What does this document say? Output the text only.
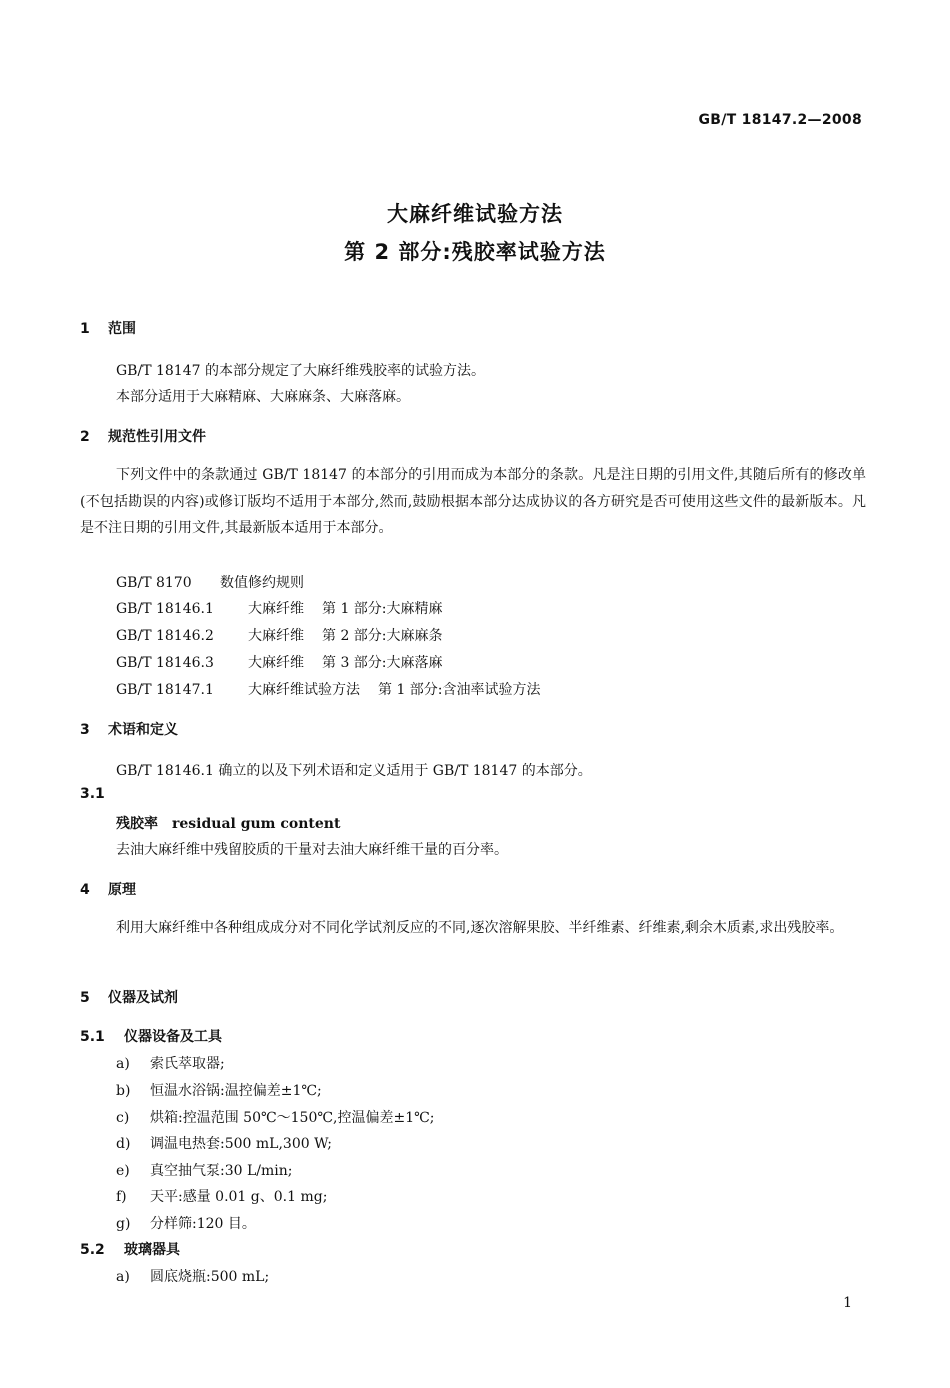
GB/T 18147.2—2008
大麻纤维试验方法
第 2 部分:残胶率试验方法
1 范围
GB/T 18147 的本部分规定了大麻纤维残胶率的试验方法。
本部分适用于大麻精麻、大麻麻条、大麻落麻。
2 规范性引用文件
下列文件中的条款通过 GB/T 18147 的本部分的引用而成为本部分的条款。凡是注日期的引用文件,其随后所有的修改单(不包括勘误的内容)或修订版均不适用于本部分,然而,鼓励根据本部分达成协议的各方研究是否可使用这些文件的最新版本。凡是不注日期的引用文件,其最新版本适用于本部分。
GB/T 8170 数值修约规则
GB/T 18146.1 大麻纤维 第 1 部分:大麻精麻
GB/T 18146.2 大麻纤维 第 2 部分:大麻麻条
GB/T 18146.3 大麻纤维 第 3 部分:大麻落麻
GB/T 18147.1 大麻纤维试验方法 第 1 部分:含油率试验方法
3 术语和定义
GB/T 18146.1 确立的以及下列术语和定义适用于 GB/T 18147 的本部分。
3.1
残胶率　residual gum content
去油大麻纤维中残留胶质的干量对去油大麻纤维干量的百分率。
4 原理
利用大麻纤维中各种组成成分对不同化学试剂反应的不同,逐次溶解果胶、半纤维素、纤维素,剩余木质素,求出残胶率。
5 仪器及试剂
5.1 仪器设备及工具
a) 索氏萃取器;
b) 恒温水浴锅:温控偏差±1℃;
c) 烘箱:控温范围 50℃～150℃,控温偏差±1℃;
d) 调温电热套:500 mL,300 W;
e) 真空抽气泵:30 L/min;
f) 天平:感量 0.01 g、0.1 mg;
g) 分样筛:120 目。
5.2 玻璃器具
a) 圆底烧瓶:500 mL;
1
